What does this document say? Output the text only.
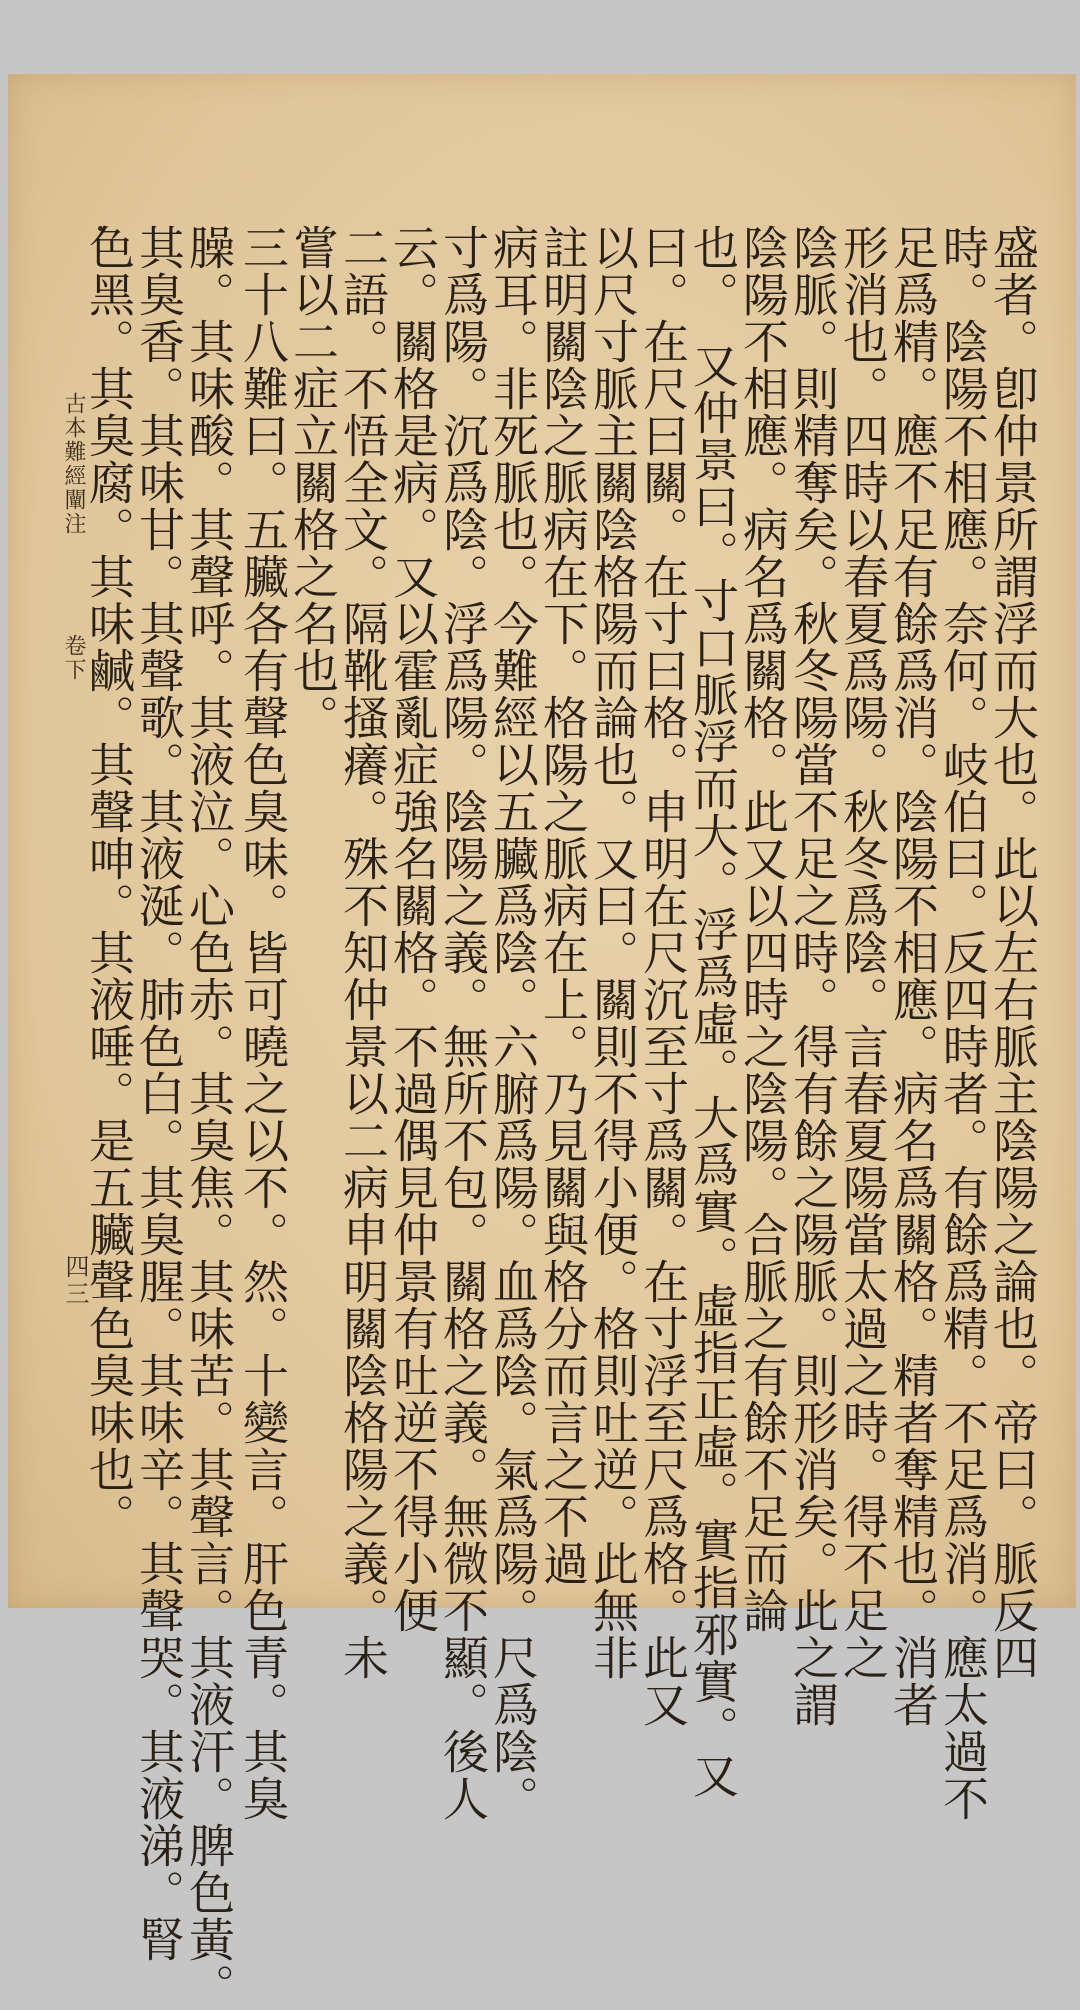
盛者。卽仲景所謂浮而大也。此以左右脈主陰陽之論也。帝曰。脈反四
時。陰陽不相應。奈何。岐伯曰。反四時者。有餘爲精。不足爲消。應太過不
足爲精。應不足有餘爲消。陰陽不相應。病名爲關格。精者奪精也。消者
形消也。四時以春夏爲陽。秋冬爲陰。言春夏陽當太過之時。得不足之
陰脈。則精奪矣。秋冬陽當不足之時。得有餘之陽脈。則形消矣。此之謂
陰陽不相應。病名爲關格。此又以四時之陰陽。合脈之有餘不足而論
也。　又仲景曰。寸口脈浮而大。浮爲虛。大爲實。虛指正虛。實指邪實。又
曰。在尺曰關。在寸曰格。申明在尺沉至寸爲關。在寸浮至尺爲格。此又
以尺寸脈主關陰格陽而論也。又曰。關則不得小便。格則吐逆。此無非
註明關陰之脈病在下。格陽之脈病在上。乃見關與格分而言之不過
病耳。非死脈也。今難經以五臟爲陰。六腑爲陽。血爲陰。氣爲陽。尺爲陰。
寸爲陽。沉爲陰。浮爲陽。陰陽之義。無所不包。關格之義。無微不顯。後人
云。關格是病。又以霍亂症強名關格。不過偶見仲景有吐逆不得小便
二語。不悟全文。隔靴搔癢。殊不知仲景以二病申明關陰格陽之義。未
嘗以二症立關格之名也。
三十八難曰。五臟各有聲色臭味。皆可曉之以不。然。十變言。肝色青。其臭
臊。其味酸。其聲呼。其液泣。心色赤。其臭焦。其味苦。其聲言。其液汗。脾色黃。
其臭香。其味甘。其聲歌。其液涎。肺色白。其臭腥。其味辛。其聲哭。其液涕。腎
色黑。其臭腐。其味鹹。其聲呻。其液唾。是五臟聲色臭味也。
古本難經闡注
卷下
四三
